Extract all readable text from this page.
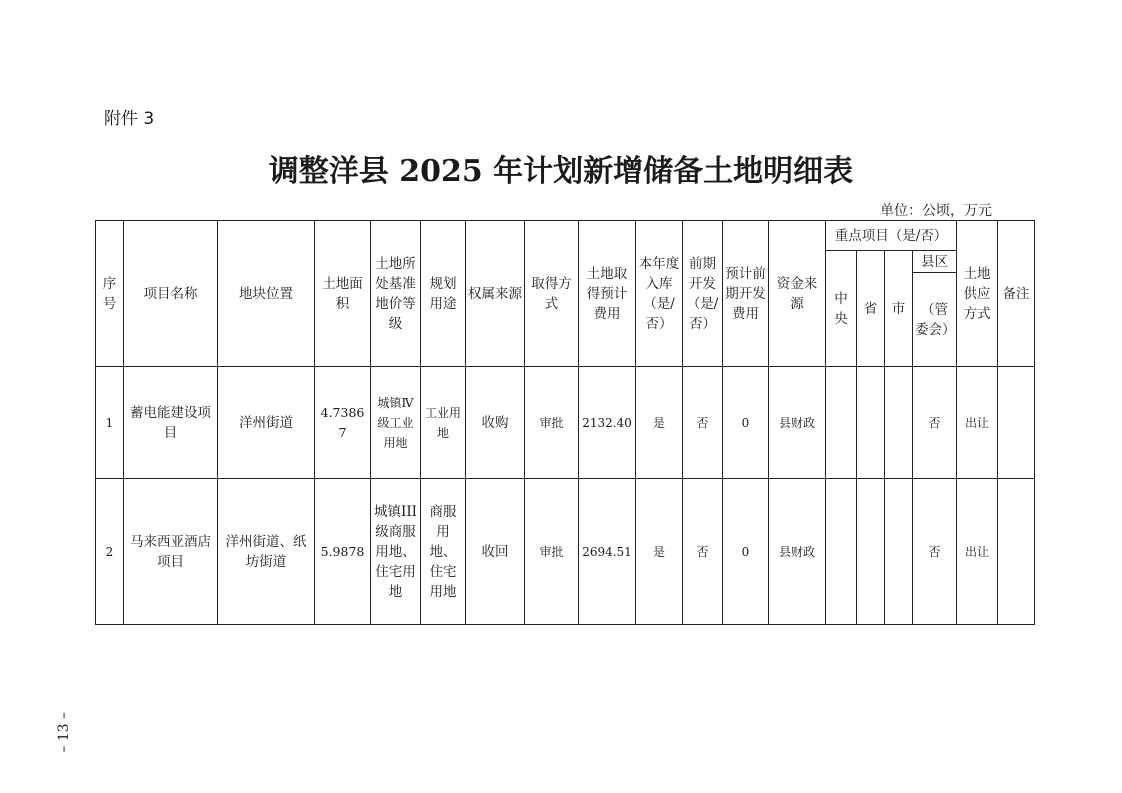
附件 3
调整洋县 2025 年计划新增储备土地明细表
单位：公顷，万元
序号	项目名称	地块位置	土地面积	土地所处基准地价等级	规划用途	权属来源	取得方式	土地取得预计费用	本年度入库（是/否）	前期开发（是/否）	预计前期开发费用	资金来源	重点项目（是/否）				土地供应方式	备注
													中央	省	市	县区		
																（管委会）		
1	蓄电能建设项目	洋州街道	4.73867	城镇Ⅳ级工业用地	工业用地	收购	审批	2132.40	是	否	0	县财政				否	出让	
2	马来西亚酒店项目	洋州街道、纸坊街道	5.9878	城镇III级商服用地、住宅用地	商服用地、住宅用地	收回	审批	2694.51	是	否	0	县财政				否	出让	
– 13 –
